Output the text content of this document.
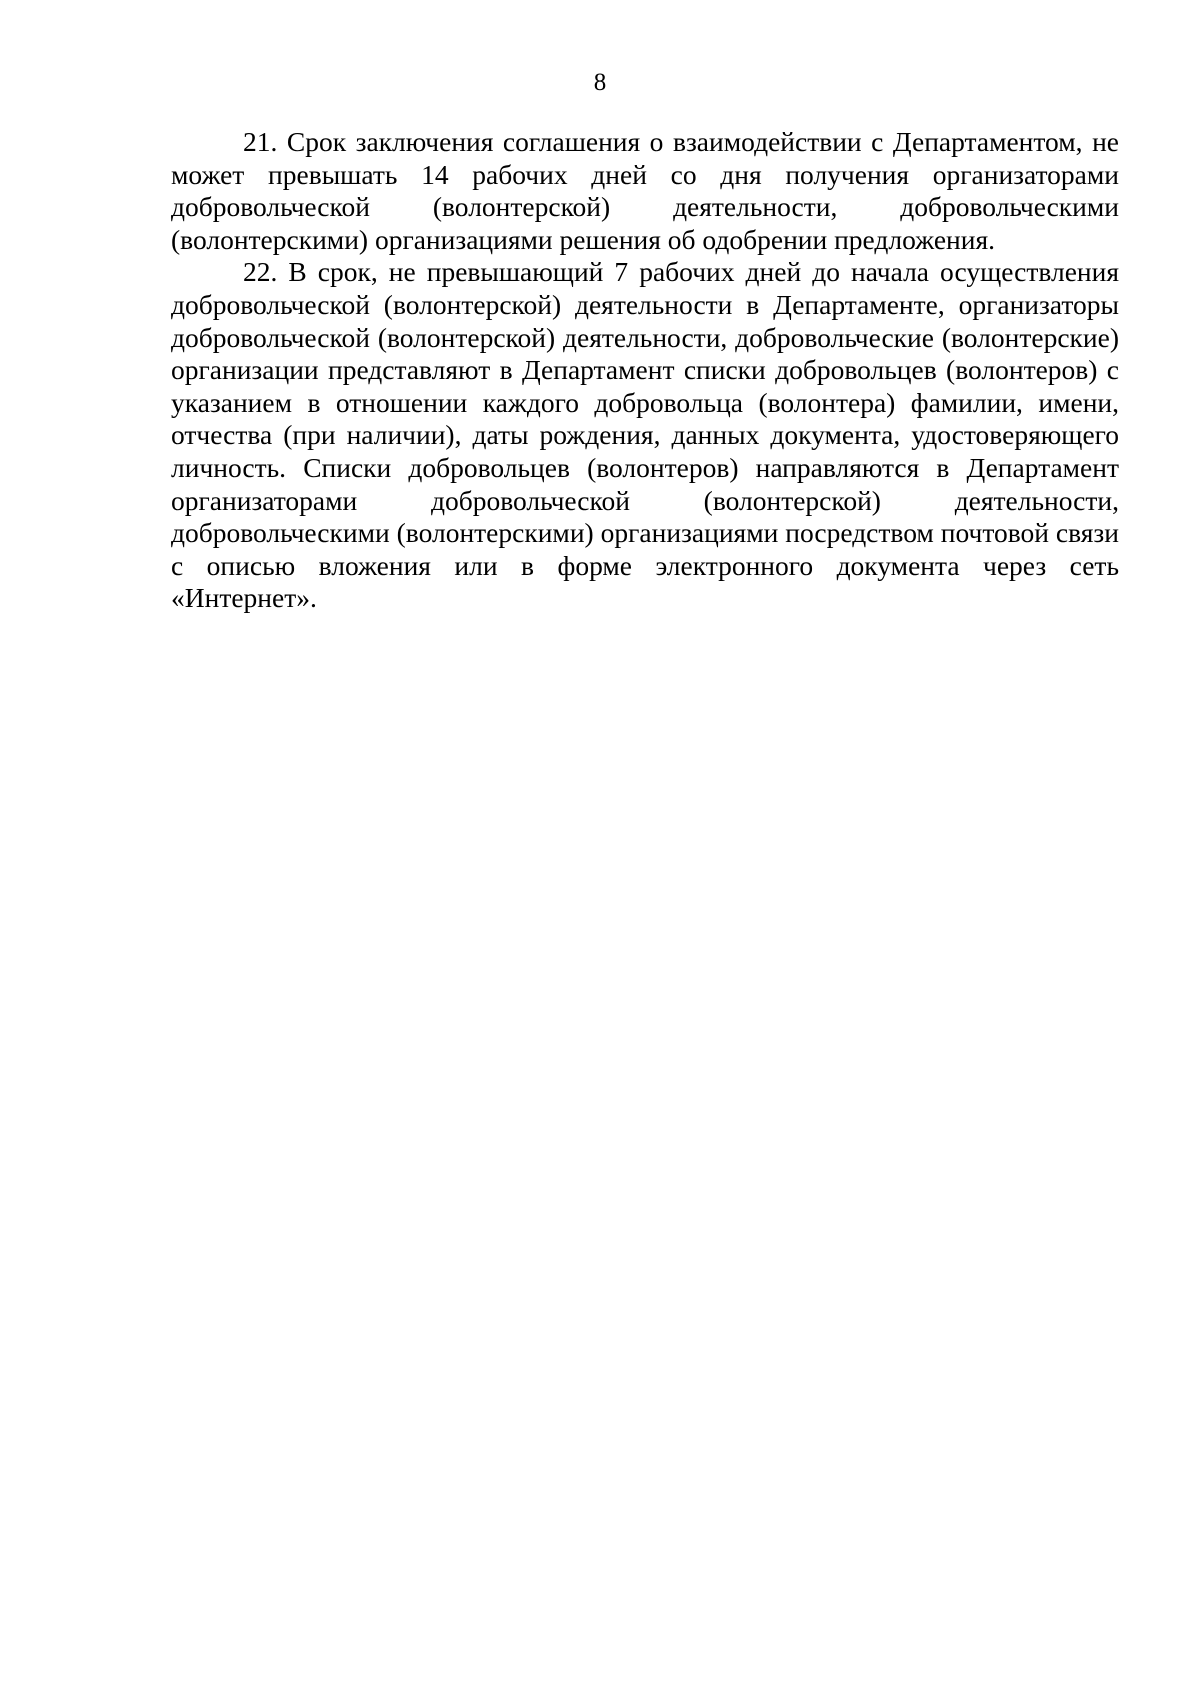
8

21. Срок заключения соглашения о взаимодействии с Департаментом, не может превышать 14 рабочих дней со дня получения организаторами добровольческой (волонтерской) деятельности, добровольческими (волонтерскими) организациями решения об одобрении предложения.

22. В срок, не превышающий 7 рабочих дней до начала осуществления добровольческой (волонтерской) деятельности в Департаменте, организаторы добровольческой (волонтерской) деятельности, добровольческие (волонтерские) организации представляют в Департамент списки добровольцев (волонтеров) с указанием в отношении каждого добровольца (волонтера) фамилии, имени, отчества (при наличии), даты рождения, данных документа, удостоверяющего личность. Списки добровольцев (волонтеров) направляются в Департамент организаторами добровольческой (волонтерской) деятельности, добровольческими (волонтерскими) организациями посредством почтовой связи с описью вложения или в форме электронного документа через сеть «Интернет».
